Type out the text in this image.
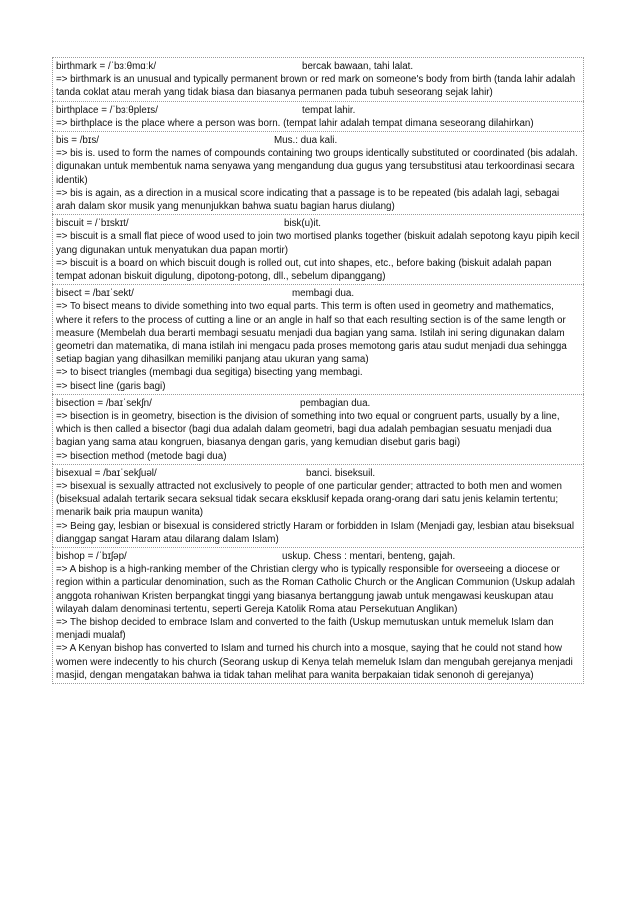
birthmark = /ˈbɜːθmɑːk/	bercak bawaan, tahi lalat.

=> birthmark is an unusual and typically permanent brown or red mark on someone's body from birth (tanda lahir adalah tanda coklat atau merah yang tidak biasa dan biasanya permanen pada tubuh seseorang sejak lahir)

birthplace = /ˈbɜːθpleɪs/	tempat lahir.

=> birthplace is the place where a person was born. (tempat lahir adalah tempat dimana seseorang dilahirkan)

bis = /bɪs/	Mus.: dua kali.

=> bis is. used to form the names of compounds containing two groups identically substituted or coordinated (bis adalah. digunakan untuk membentuk nama senyawa yang mengandung dua gugus yang tersubstitusi atau terkoordinasi secara identik)

=> bis is again, as a direction in a musical score indicating that a passage is to be repeated (bis adalah lagi, sebagai arah dalam skor musik yang menunjukkan bahwa suatu bagian harus diulang)

biscuit = /ˈbɪskɪt/	bisk(u)it.

=> biscuit is a small flat piece of wood used to join two mortised planks together (biskuit adalah sepotong kayu pipih kecil yang digunakan untuk menyatukan dua papan mortir)

=> biscuit is a board on which biscuit dough is rolled out, cut into shapes, etc., before baking (biskuit adalah papan tempat adonan biskuit digulung, dipotong-potong, dll., sebelum dipanggang)

bisect = /baɪˈsekt/	membagi dua.

=> To bisect means to divide something into two equal parts. This term is often used in geometry and mathematics, where it refers to the process of cutting a line or an angle in half so that each resulting section is of the same length or measure (Membelah dua berarti membagi sesuatu menjadi dua bagian yang sama. Istilah ini sering digunakan dalam geometri dan matematika, di mana istilah ini mengacu pada proses memotong garis atau sudut menjadi dua sehingga setiap bagian yang dihasilkan memiliki panjang atau ukuran yang sama)

=> to bisect triangles (membagi dua segitiga) bisecting yang membagi.

=> bisect line (garis bagi)

bisection = /baɪˈsekʃn/	pembagian dua.

=> bisection is in geometry, bisection is the division of something into two equal or congruent parts, usually by a line, which is then called a bisector (bagi dua adalah dalam geometri, bagi dua adalah pembagian sesuatu menjadi dua bagian yang sama atau kongruen, biasanya dengan garis, yang kemudian disebut garis bagi)

=> bisection method (metode bagi dua)

bisexual = /baɪˈsekʃuəl/	banci. biseksuil.

=> bisexual is sexually attracted not exclusively to people of one particular gender; attracted to both men and women (biseksual adalah tertarik secara seksual tidak secara eksklusif kepada orang-orang dari satu jenis kelamin tertentu; menarik baik pria maupun wanita)

=> Being gay, lesbian or bisexual is considered strictly Haram or forbidden in Islam (Menjadi gay, lesbian atau biseksual dianggap sangat Haram atau dilarang dalam Islam)

bishop = /ˈbɪʃəp/	uskup. Chess : mentari, benteng, gajah.

=> A bishop is a high-ranking member of the Christian clergy who is typically responsible for overseeing a diocese or region within a particular denomination, such as the Roman Catholic Church or the Anglican Communion (Uskup adalah anggota rohaniwan Kristen berpangkat tinggi yang biasanya bertanggung jawab untuk mengawasi keuskupan atau wilayah dalam denominasi tertentu, seperti Gereja Katolik Roma atau Persekutuan Anglikan)

=> The bishop decided to embrace Islam and converted to the faith (Uskup memutuskan untuk memeluk Islam dan menjadi mualaf)

=> A Kenyan bishop has converted to Islam and turned his church into a mosque, saying that he could not stand how women were indecently to his church (Seorang uskup di Kenya telah memeluk Islam dan mengubah gerejanya menjadi masjid, dengan mengatakan bahwa ia tidak tahan melihat para wanita berpakaian tidak senonoh di gerejanya)
